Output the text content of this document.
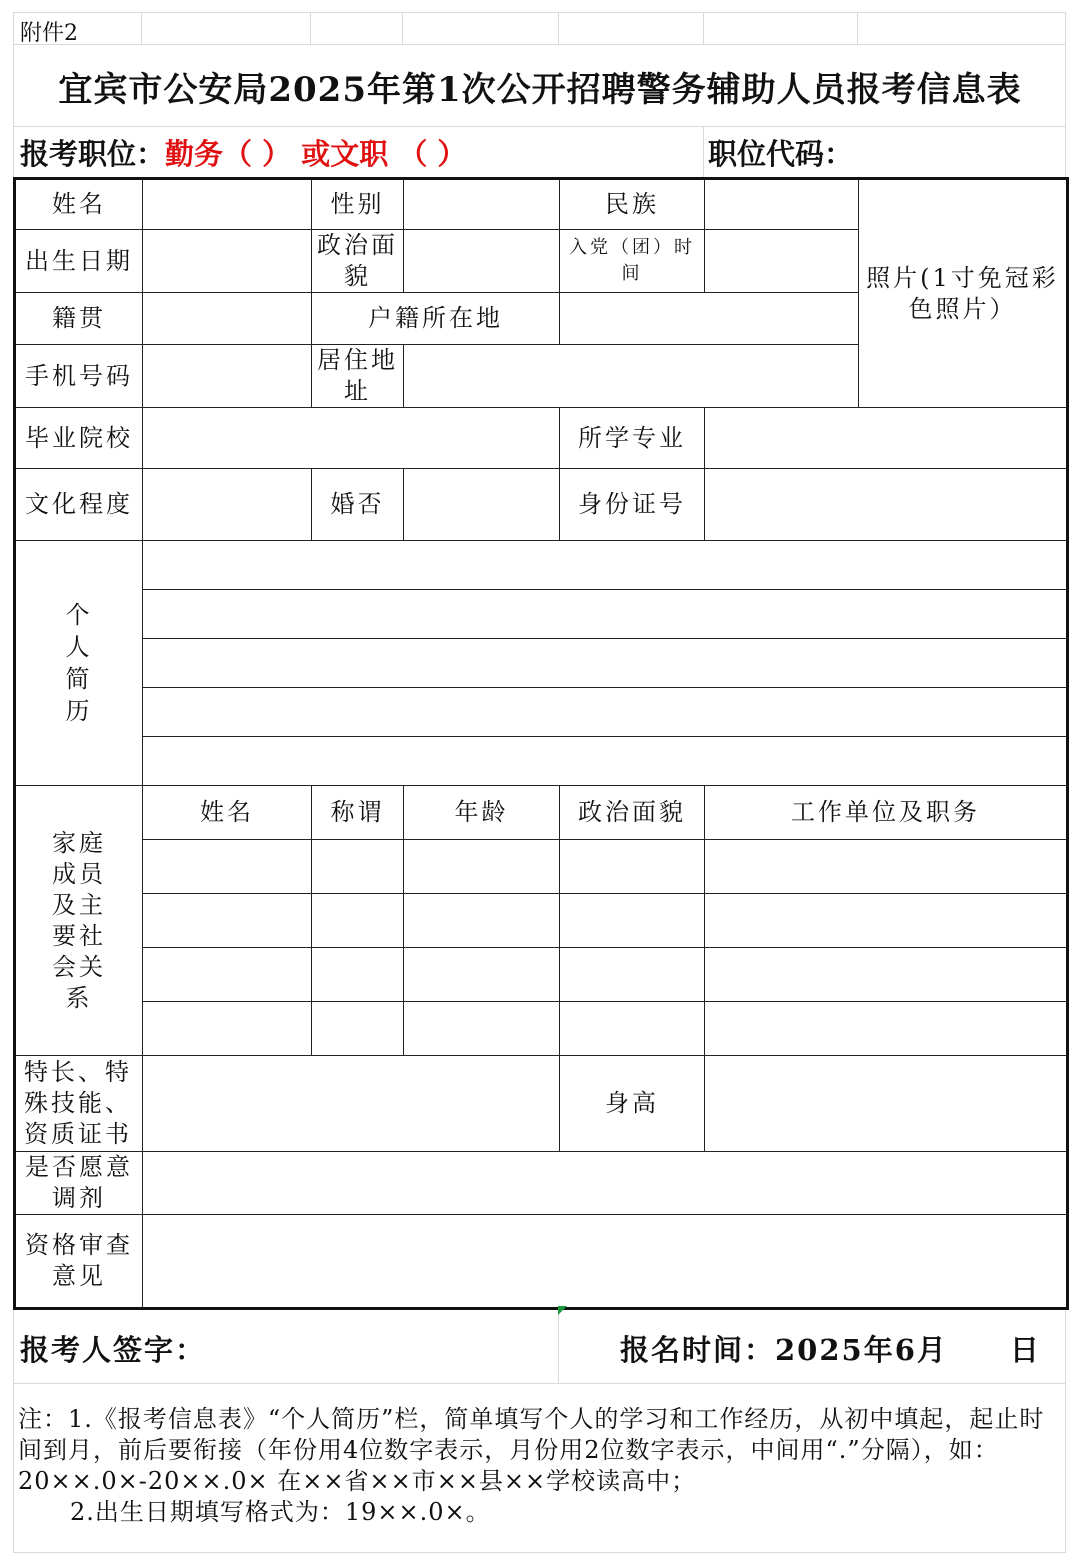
附件2
宜宾市公安局2025年第1次公开招聘警务辅助人员报考信息表
报考职位：勤务（ ） 或文职 （ ）	职位代码：
姓名		性别		民族		照片(1寸免冠彩色照片）
出生日期		政治面貌		入党（团）时间		
籍贯		户籍所在地				
手机号码		居住地址				
毕业院校				所学专业		
文化程度		婚否		身份证号		
个人简历						

家庭成员及主要社会关系	姓名	称谓	年龄	政治面貌	工作单位及职务	

特长、特殊技能、资质证书				身高		
是否愿意调剂						
资格审查意见						
报考人签字：	报名时间：2025年6月 日
注：1.《报考信息表》“个人简历”栏，简单填写个人的学习和工作经历，从初中填起，起止时间到月，前后要衔接（年份用4位数字表示，月份用2位数字表示，中间用“.”分隔），如：20××.0×-20××.0× 在××省××市××县××学校读高中；
2.出生日期填写格式为：19××.0×。
